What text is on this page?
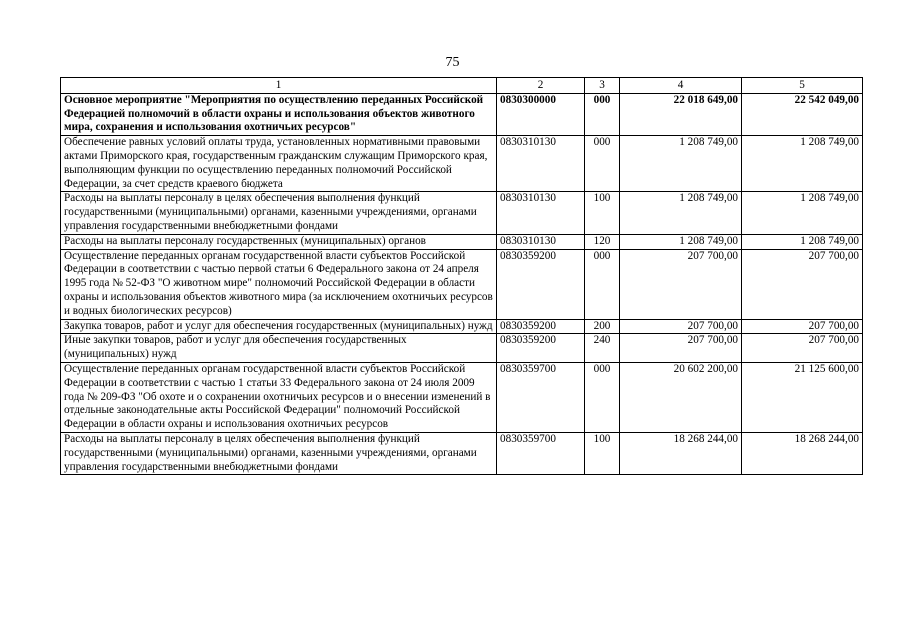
75
1	2	3	4	5
Основное мероприятие "Мероприятия по осуществлению переданных Российской Федерацией полномочий в области охраны и использования объектов животного мира, сохранения и использования охотничьих ресурсов"	0830300000	000	22 018 649,00	22 542 049,00
Обеспечение равных условий оплаты труда, установленных нормативными правовыми актами Приморского края, государственным гражданским служащим Приморского края, выполняющим функции по осуществлению переданных полномочий Российской Федерации, за счет средств краевого бюджета	0830310130	000	1 208 749,00	1 208 749,00
Расходы на выплаты персоналу в целях обеспечения выполнения функций государственными (муниципальными) органами, казенными учреждениями, органами управления государственными внебюджетными фондами	0830310130	100	1 208 749,00	1 208 749,00
Расходы на выплаты персоналу государственных (муниципальных) органов	0830310130	120	1 208 749,00	1 208 749,00
Осуществление переданных органам государственной власти субъектов Российской Федерации в соответствии с частью первой статьи 6 Федерального закона от 24 апреля 1995 года № 52-ФЗ "О животном мире" полномочий Российской Федерации в области охраны и использования объектов животного мира (за исключением охотничьих ресурсов и водных биологических ресурсов)	0830359200	000	207 700,00	207 700,00
Закупка товаров, работ и услуг для обеспечения государственных (муниципальных) нужд	0830359200	200	207 700,00	207 700,00
Иные закупки товаров, работ и услуг для обеспечения государственных (муниципальных) нужд	0830359200	240	207 700,00	207 700,00
Осуществление переданных органам государственной власти субъектов Российской Федерации в соответствии с частью 1 статьи 33 Федерального закона от 24 июля 2009 года № 209-ФЗ "Об охоте и о сохранении охотничьих ресурсов и о внесении изменений в отдельные законодательные акты Российской Федерации" полномочий Российской Федерации в области охраны и использования охотничьих ресурсов	0830359700	000	20 602 200,00	21 125 600,00
Расходы на выплаты персоналу в целях обеспечения выполнения функций государственными (муниципальными) органами, казенными учреждениями, органами управления государственными внебюджетными фондами	0830359700	100	18 268 244,00	18 268 244,00
